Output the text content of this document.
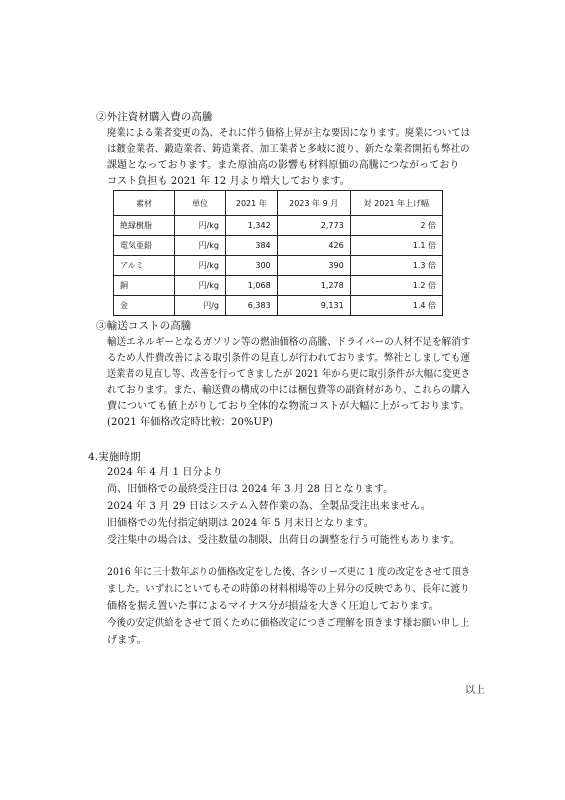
②外注資材購入費の高騰
廃業による業者変更の為、それに伴う価格上昇が主な要因になります。廃業については
は鍍金業者、鍛造業者、鋳造業者、加工業者と多岐に渡り、新たな業者開拓も弊社の
課題となっております。また原油高の影響も材料原価の高騰につながっており
コスト負担も 2021 年 12 月より増大しております。
素材	単位	2021 年	2023 年 9 月	対 2021 年上げ幅
絶縁樹脂	円/kg	1,342	2,773	2 倍
電気亜鉛	円/kg	384	426	1.1 倍
アルミ	円/kg	300	390	1.3 倍
銅	円/kg	1,068	1,278	1.2 倍
金	円/g	6,383	9,131	1.4 倍
③輸送コストの高騰
輸送エネルギーとなるガソリン等の燃油価格の高騰、ドライバーの人材不足を解消す
るため人件費改善による取引条件の見直しが行われております。弊社としましても運
送業者の見直し等、改善を行ってきましたが 2021 年から更に取引条件が大幅に変更さ
れております。また、輸送費の構成の中には梱包費等の副資材があり、これらの購入
費についても値上がりしており全体的な物流コストが大幅に上がっております。
(2021 年価格改定時比較：20%UP)
4.実施時期
2024 年 4 月 1 日分より
尚、旧価格での最終受注日は 2024 年 3 月 28 日となります。
2024 年 3 月 29 日はシステム入替作業の為、全製品受注出来ません。
旧価格での先付指定納期は 2024 年 5 月末日となります。
受注集中の場合は、受注数量の制限、出荷日の調整を行う可能性もあります。
2016 年に三十数年ぶりの価格改定をした後、各シリーズ更に 1 度の改定をさせて頂き
ました。いずれにといてもその時節の材料相場等の上昇分の反映であり、長年に渡り
価格を据え置いた事によるマイナス分が損益を大きく圧迫しております。
今後の安定供給をさせて頂くために価格改定につきご理解を頂きます様お願い申し上
げます。
以上
